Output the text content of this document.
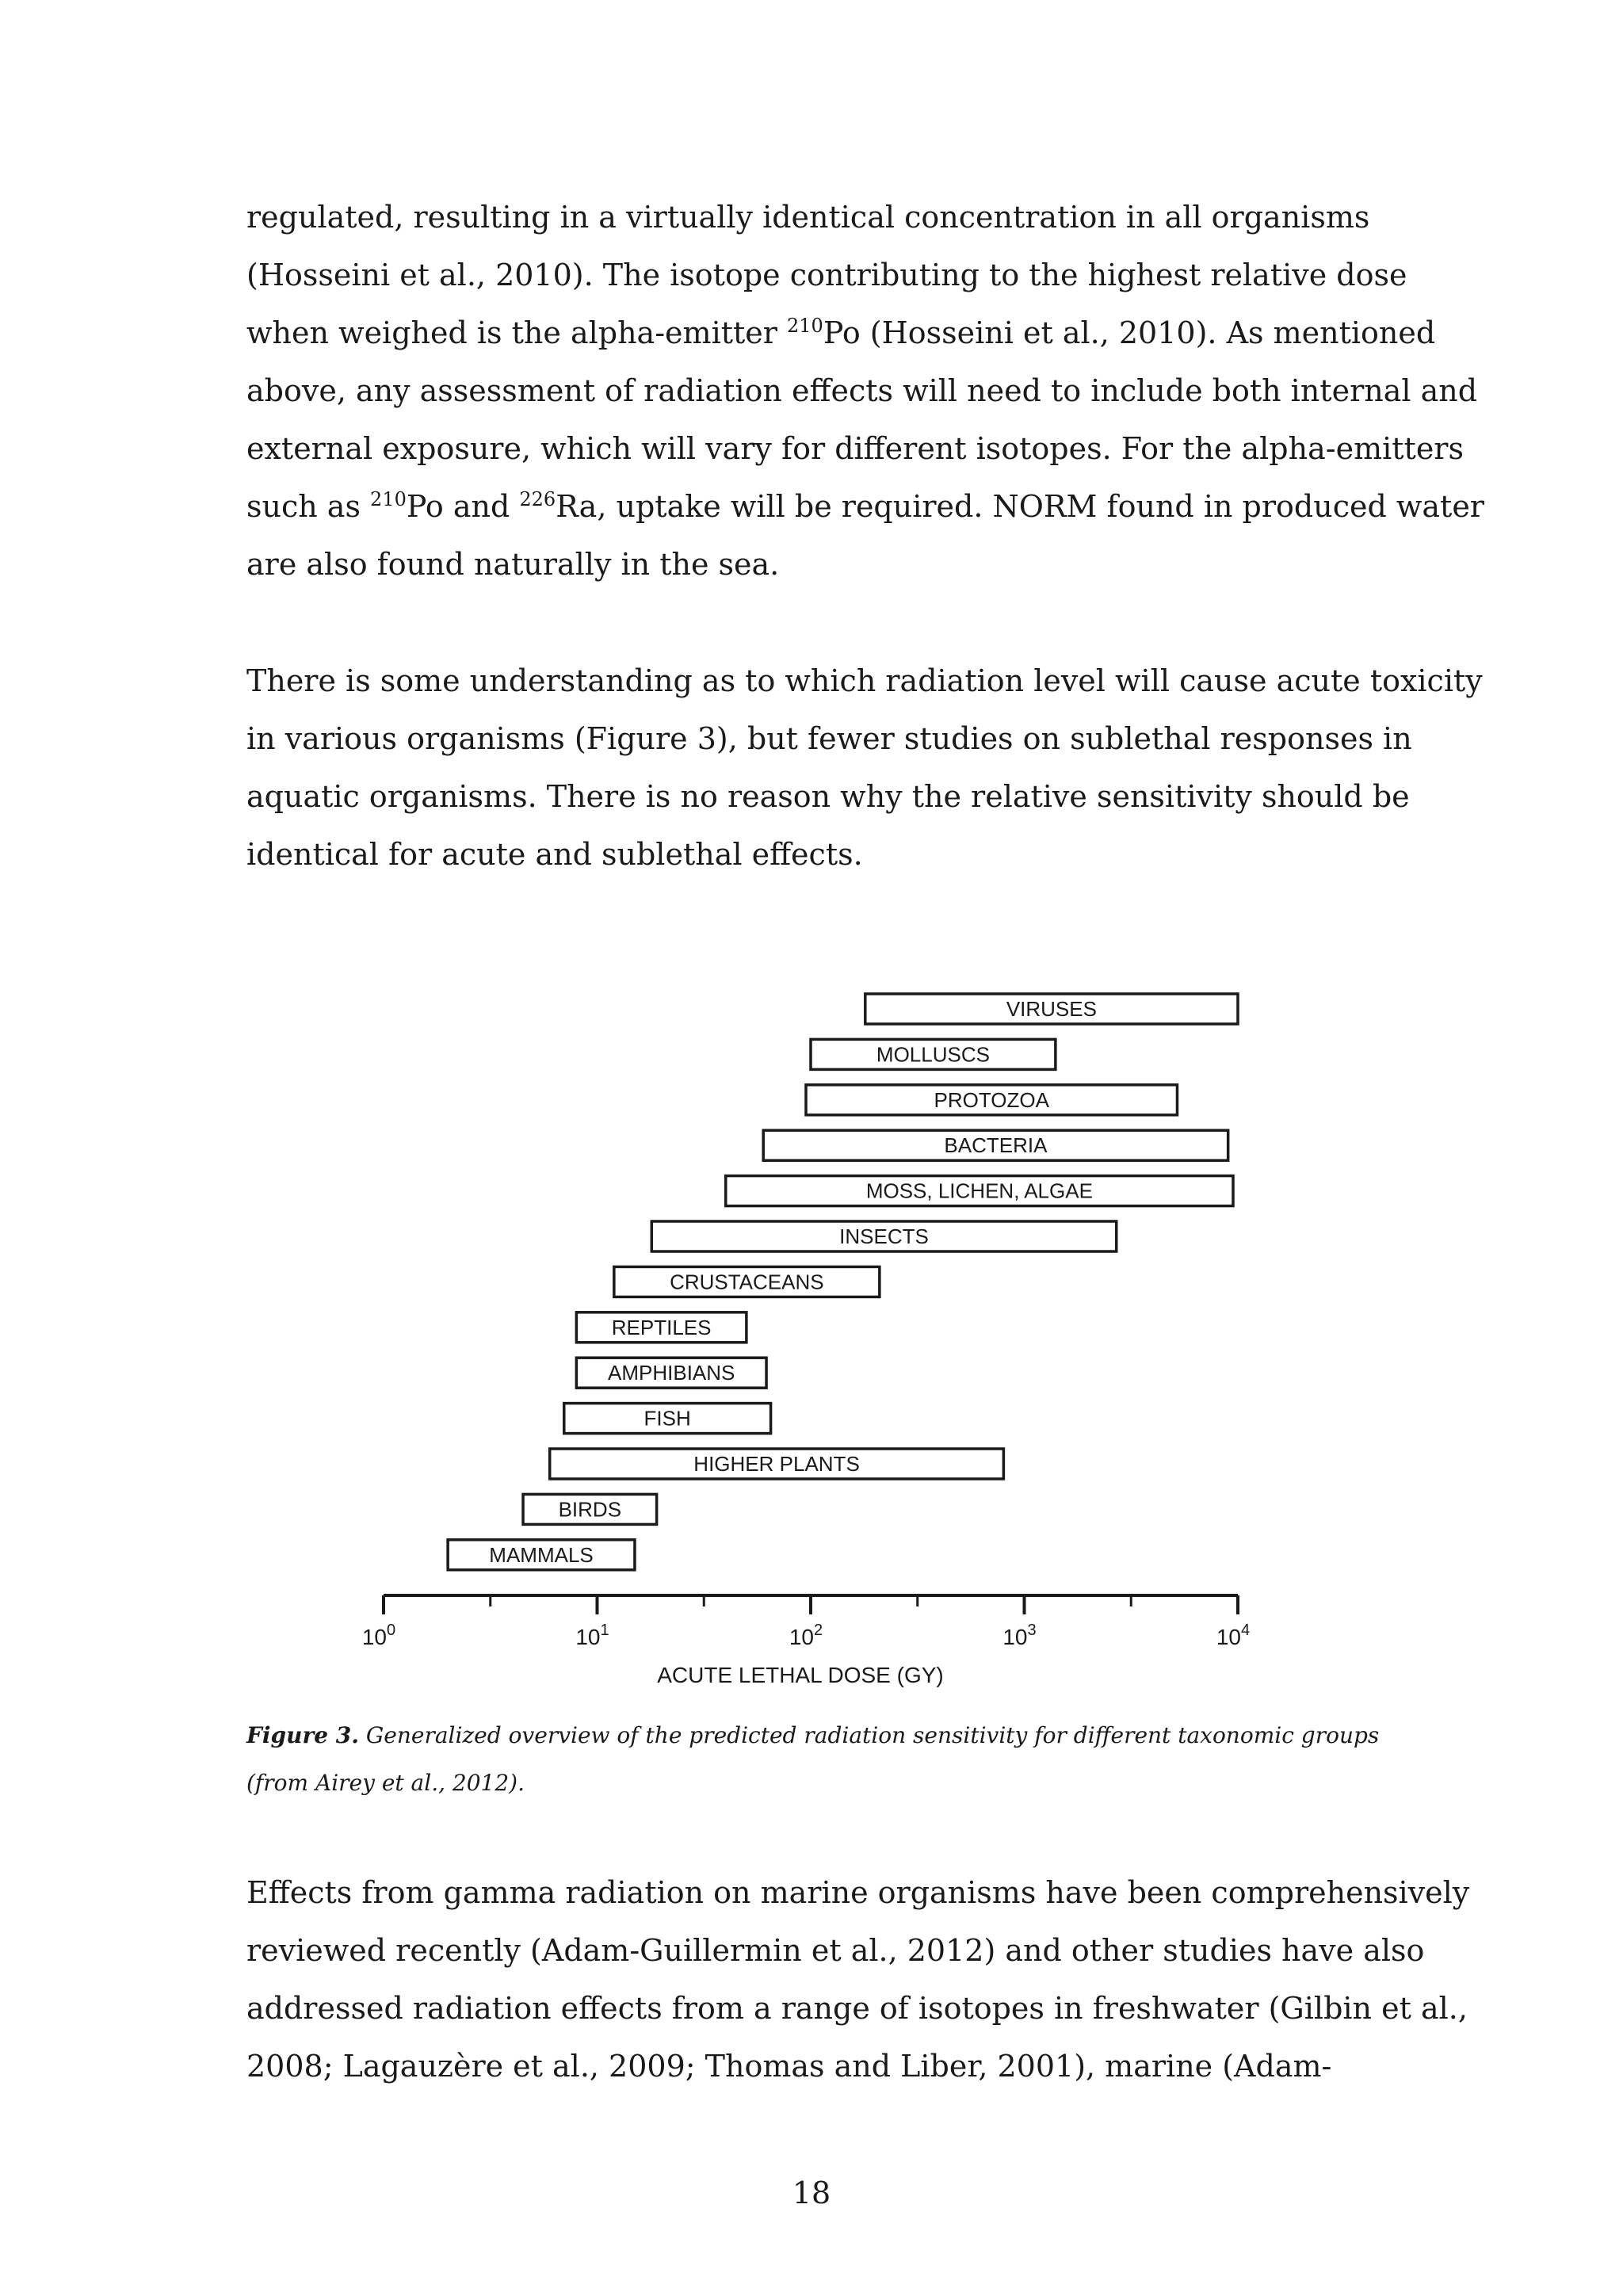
regulated, resulting in a virtually identical concentration in all organisms

(Hosseini et al., 2010). The isotope contributing to the highest relative dose

when weighed is the alpha-emitter $^{210}$Po (Hosseini et al., 2010). As mentioned

above, any assessment of radiation effects will need to include both internal and

external exposure, which will vary for different isotopes. For the alpha-emitters

such as $^{210}$Po and $^{226}$Ra, uptake will be required. NORM found in produced water

are also found naturally in the sea.

There is some understanding as to which radiation level will cause acute toxicity

in various organisms (Figure 3), but fewer studies on sublethal responses in

aquatic organisms. There is no reason why the relative sensitivity should be

identical for acute and sublethal effects.

VIRUSES
MOLLUSCS
PROTOZOA
BACTERIA
MOSS, LICHEN, ALGAE
INSECTS
CRUSTACEANS
REPTILES
AMPHIBIANS
FISH
HIGHER PLANTS
BIRDS
MAMMALS
$10^0$	$10^1$	$10^2$	$10^3$	$10^4$
ACUTE LETHAL DOSE (GY)

Figure 3. Generalized overview of the predicted radiation sensitivity for different taxonomic groups

(from Airey et al., 2012).

Effects from gamma radiation on marine organisms have been comprehensively

reviewed recently (Adam-Guillermin et al., 2012) and other studies have also

addressed radiation effects from a range of isotopes in freshwater (Gilbin et al.,

2008; Lagauzère et al., 2009; Thomas and Liber, 2001), marine (Adam-

18
